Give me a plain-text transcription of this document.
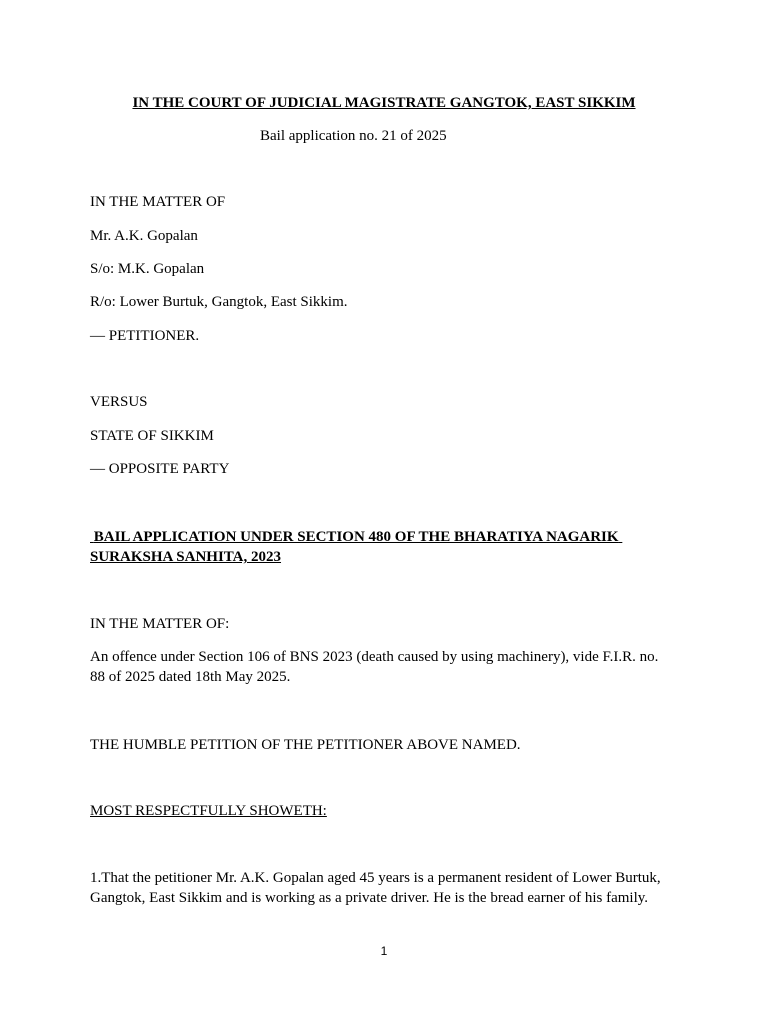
IN THE COURT OF JUDICIAL MAGISTRATE GANGTOK, EAST SIKKIM
Bail application no. 21 of 2025
IN THE MATTER OF
Mr. A.K. Gopalan
S/o: M.K. Gopalan
R/o: Lower Burtuk, Gangtok, East Sikkim.
— PETITIONER.
VERSUS
STATE OF SIKKIM
— OPPOSITE PARTY
BAIL APPLICATION UNDER SECTION 480 OF THE BHARATIYA NAGARIK SURAKSHA SANHITA, 2023
IN THE MATTER OF:
An offence under Section 106 of BNS 2023 (death caused by using machinery), vide F.I.R. no. 88 of 2025 dated 18th May 2025.
THE HUMBLE PETITION OF THE PETITIONER ABOVE NAMED.
MOST RESPECTFULLY SHOWETH:
1.That the petitioner Mr. A.K. Gopalan aged 45 years is a permanent resident of Lower Burtuk, Gangtok, East Sikkim and is working as a private driver. He is the bread earner of his family.
1
